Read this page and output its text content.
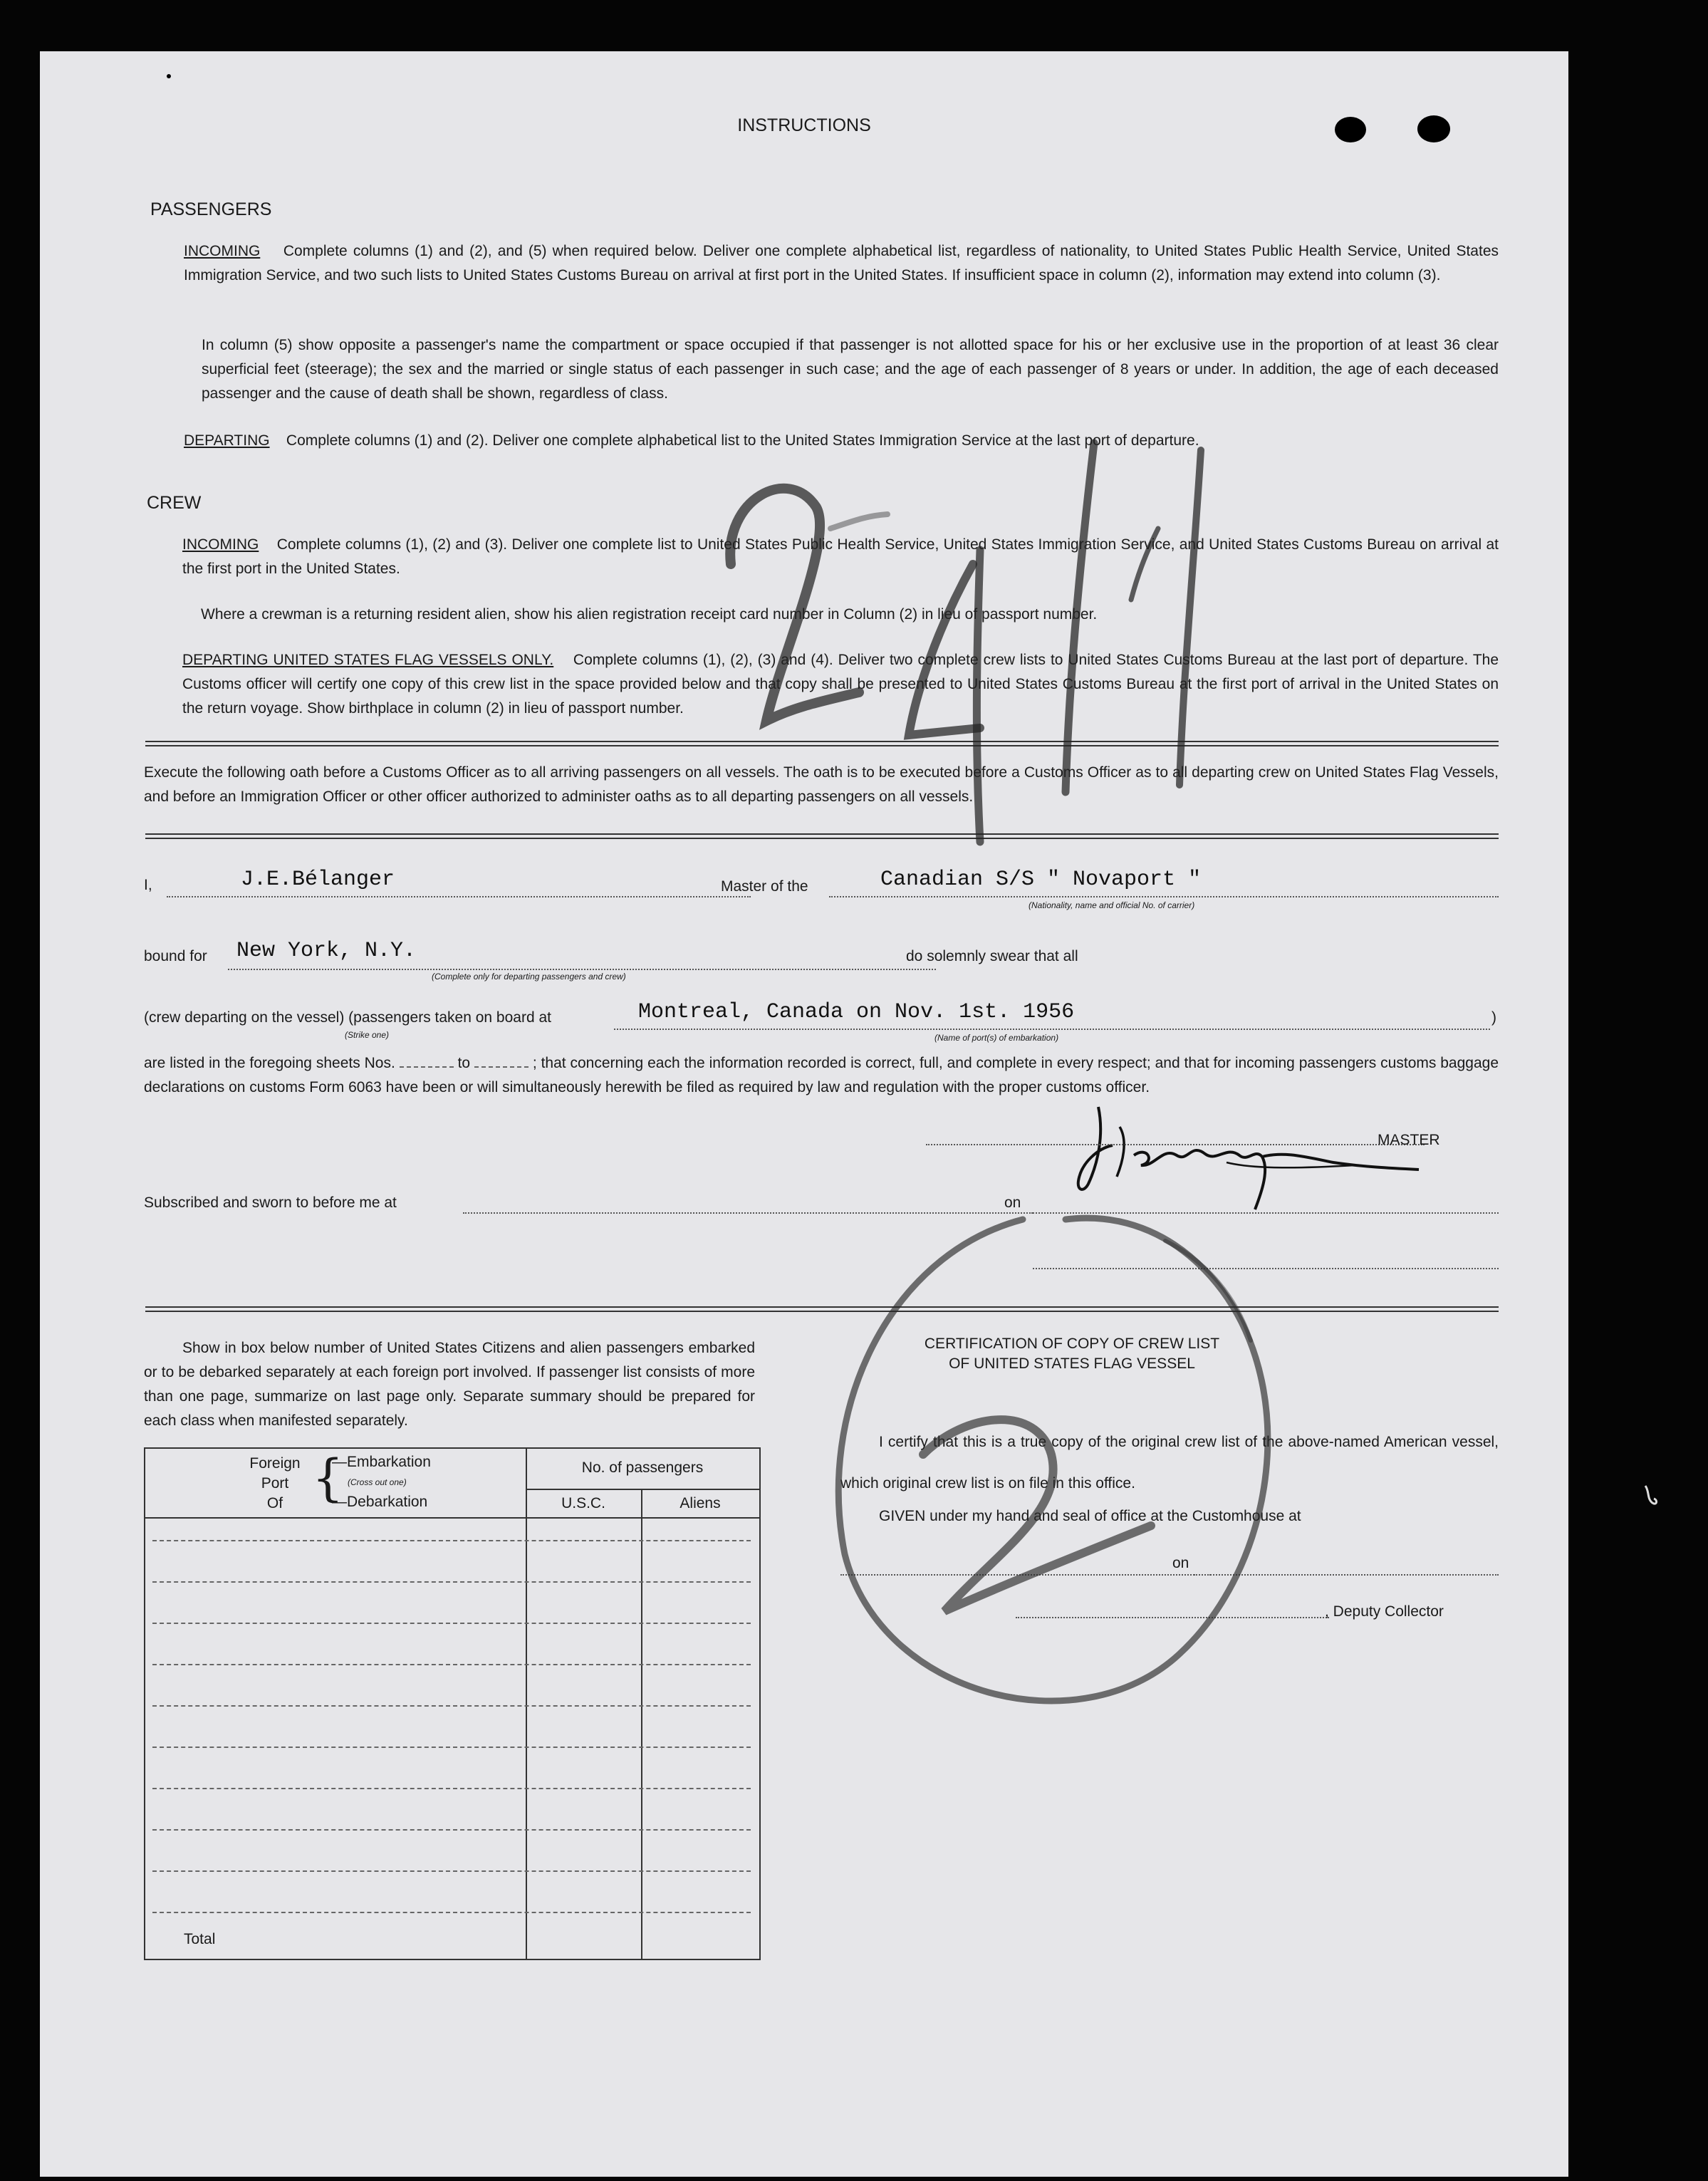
INSTRUCTIONS
PASSENGERS
INCOMING Complete columns (1) and (2), and (5) when required below. Deliver one complete alphabetical list, regardless of nationality, to United States Public Health Service, United States Immigration Service, and two such lists to United States Customs Bureau on arrival at first port in the United States. If insufficient space in column (2), information may extend into column (3).
In column (5) show opposite a passenger's name the compartment or space occupied if that passenger is not allotted space for his or her exclusive use in the proportion of at least 36 clear superficial feet (steerage); the sex and the married or single status of each passenger in such case; and the age of each passenger of 8 years or under. In addition, the age of each deceased passenger and the cause of death shall be shown, regardless of class.
DEPARTING Complete columns (1) and (2). Deliver one complete alphabetical list to the United States Immigration Service at the last port of departure.
CREW
INCOMING Complete columns (1), (2) and (3). Deliver one complete list to United States Public Health Service, United States Immigration Service, and United States Customs Bureau on arrival at the first port in the United States.
Where a crewman is a returning resident alien, show his alien registration receipt card number in Column (2) in lieu of passport number.
DEPARTING UNITED STATES FLAG VESSELS ONLY. Complete columns (1), (2), (3) and (4). Deliver two complete crew lists to United States Customs Bureau at the last port of departure. The Customs officer will certify one copy of this crew list in the space provided below and that copy shall be presented to United States Customs Bureau at the first port of arrival in the United States on the return voyage. Show birthplace in column (2) in lieu of passport number.
Execute the following oath before a Customs Officer as to all arriving passengers on all vessels. The oath is to be executed before a Customs Officer as to all departing crew on United States Flag Vessels, and before an Immigration Officer or other officer authorized to administer oaths as to all departing passengers on all vessels.
I,	J.E.Bélanger	Master of the	Canadian S/S " Novaport "
(Nationality, name and official No. of carrier)
bound for New York, N.Y.
(Complete only for departing passengers and crew)
do solemnly swear that all
(crew departing on the vessel) (passengers taken on board at
(Strike one)
Montreal, Canada on Nov. 1st. 1956
(Name of port(s) of embarkation)
)
are listed in the foregoing sheets Nos.	to	; that concerning each the information recorded is correct, full, and complete in every respect; and that for incoming passengers customs baggage declarations on customs Form 6063 have been or will simultaneously herewith be filed as required by law and regulation with the proper customs officer.
MASTER
Subscribed and sworn to before me at	on
Show in box below number of United States Citizens and alien passengers embarked or to be debarked separately at each foreign port involved. If passenger list consists of more than one page, summarize on last page only. Separate summary should be prepared for each class when manifested separately.
Foreign
Port
Of {
—Embarkation
(Cross out one)
—Debarkation
No. of passengers
U.S.C.	Aliens
Total
CERTIFICATION OF COPY OF CREW LIST
OF UNITED STATES FLAG VESSEL
I certify that this is a true copy of the original crew list of the above-named American vessel, which original crew list is on file in this office.
GIVEN under my hand and seal of office at the Customhouse at
on
, Deputy Collector
